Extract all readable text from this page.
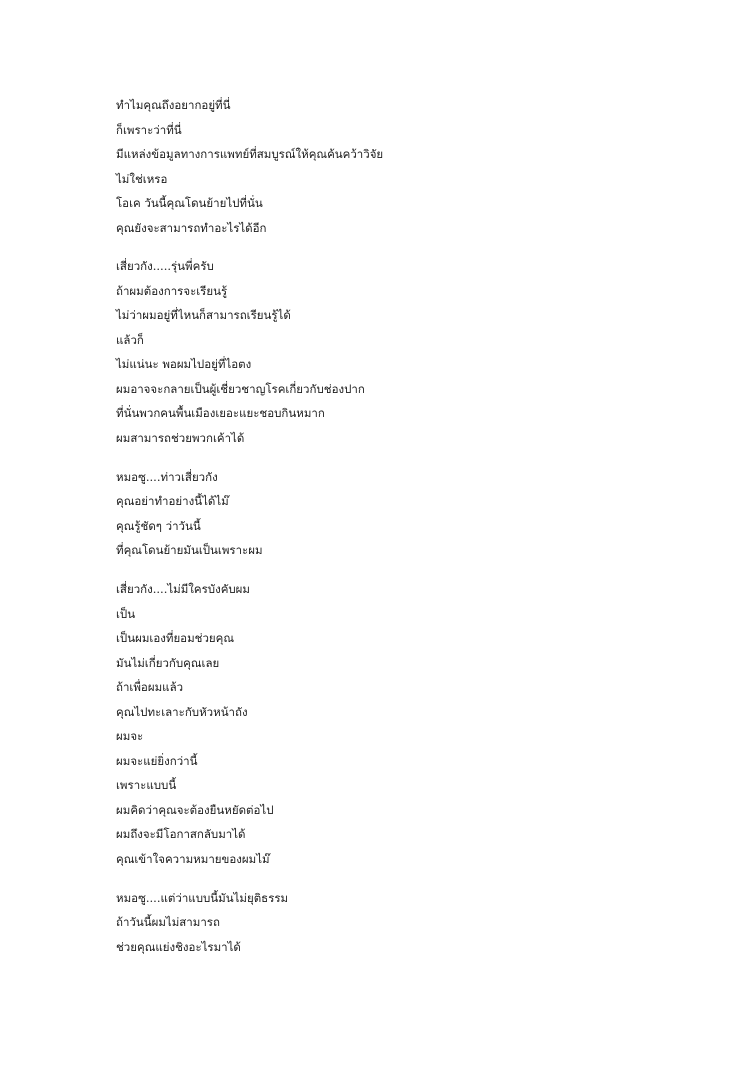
ทำไมคุณถึงอยากอยู่ที่นี่
ก็เพราะว่าที่นี่
มีแหล่งข้อมูลทางการแพทย์ที่สมบูรณ์ให้คุณค้นคว้าวิจัย
ไม่ใช่เหรอ
โอเค วันนี้คุณโดนย้ายไปที่นั่น
คุณยังจะสามารถทำอะไรได้อีก
เสี่ยวกัง.....รุ่นพี่ครับ
ถ้าผมต้องการจะเรียนรู้
ไม่ว่าผมอยู่ที่ไหนก็สามารถเรียนรู้ได้
แล้วก็
ไม่แน่นะ พอผมไปอยู่ที่ไอตง
ผมอาจจะกลายเป็นผู้เชี่ยวชาญโรคเกี่ยวกับช่องปาก
ที่นั่นพวกคนพื้นเมืองเยอะแยะชอบกินหมาก
ผมสามารถช่วยพวกเค้าได้
หมอซู....ท่าวเสี่ยวกัง
คุณอย่าทำอย่างนี้ได้ไม๊
คุณรู้ชัดๆ ว่าวันนี้
ที่คุณโดนย้ายมันเป็นเพราะผม
เสี่ยวกัง....ไม่มีใครบังคับผม
เป็น
เป็นผมเองที่ยอมช่วยคุณ
มันไม่เกี่ยวกับคุณเลย
ถ้าเพื่อผมแล้ว
คุณไปทะเลาะกับหัวหน้าถัง
ผมจะ
ผมจะแย่ยิ่งกว่านี้
เพราะแบบนี้
ผมคิดว่าคุณจะต้องยืนหยัดต่อไป
ผมถึงจะมีโอกาสกลับมาได้
คุณเข้าใจความหมายของผมไม๊
หมอซู....แต่ว่าแบบนี้มันไม่ยุติธรรม
ถ้าวันนี้ผมไม่สามารถ
ช่วยคุณแย่งชิงอะไรมาได้
